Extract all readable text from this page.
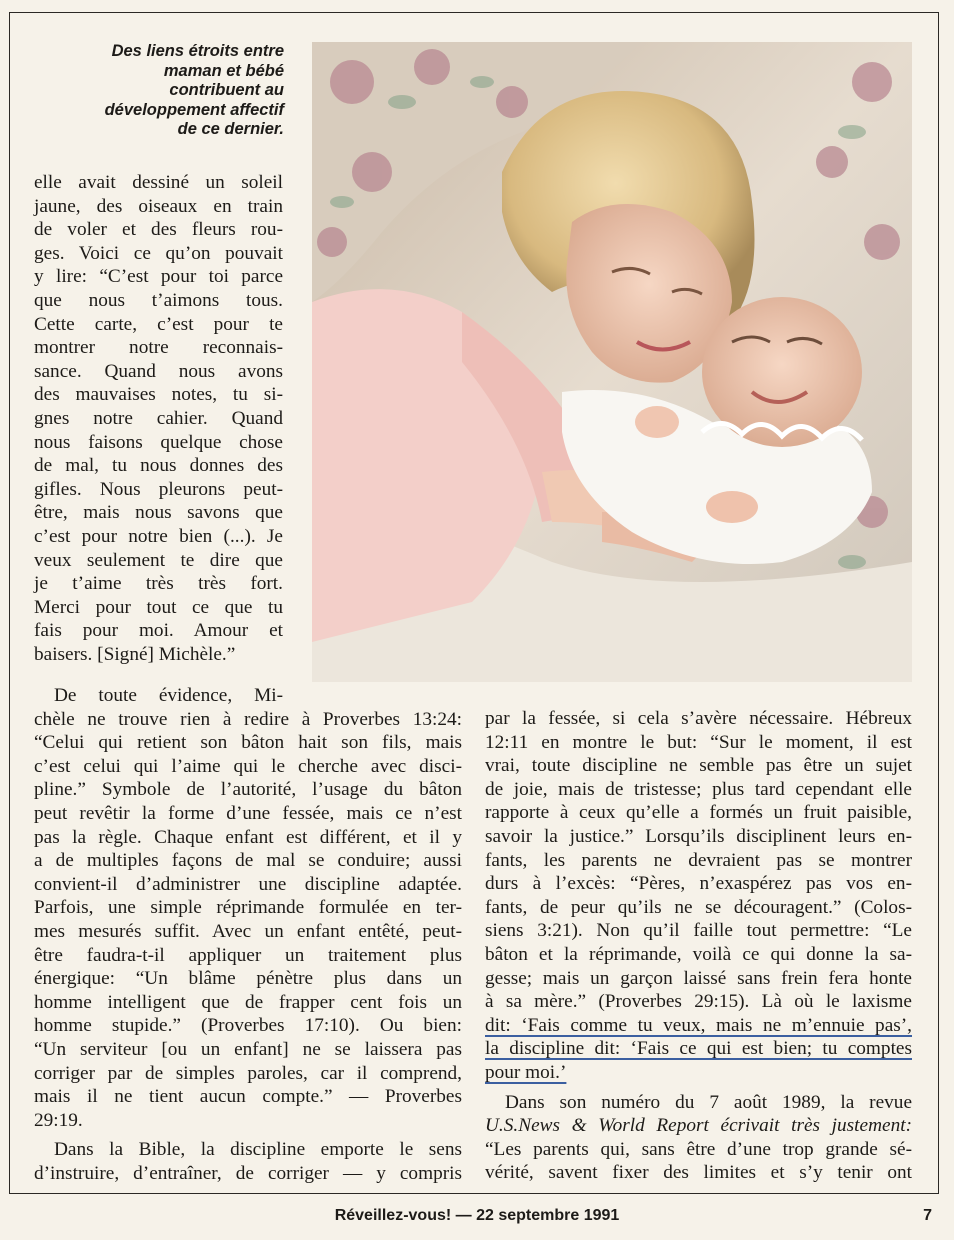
Des liens étroits entre
maman et bébé
contribuent au
développement affectif
de ce dernier.
elle avait dessiné un soleil
jaune, des oiseaux en train
de voler et des fleurs rou-
ges. Voici ce qu’on pouvait
y lire: “C’est pour toi parce
que nous t’aimons tous.
Cette carte, c’est pour te
montrer notre reconnais-
sance. Quand nous avons
des mauvaises notes, tu si-
gnes notre cahier. Quand
nous faisons quelque chose
de mal, tu nous donnes des
gifles. Nous pleurons peut-
être, mais nous savons que
c’est pour notre bien (...). Je
veux seulement te dire que
je t’aime très très fort.
Merci pour tout ce que tu
fais pour moi. Amour et
baisers. [Signé] Michèle.”
De toute évidence, Mi-
chèle ne trouve rien à redire à Proverbes 13:24:
“Celui qui retient son bâton hait son fils, mais
c’est celui qui l’aime qui le cherche avec disci-
pline.” Symbole de l’autorité, l’usage du bâton
peut revêtir la forme d’une fessée, mais ce n’est
pas la règle. Chaque enfant est différent, et il y
a de multiples façons de mal se conduire; aussi
convient-il d’administrer une discipline adaptée.
Parfois, une simple réprimande formulée en ter-
mes mesurés suffit. Avec un enfant entêté, peut-
être faudra-t-il appliquer un traitement plus
énergique: “Un blâme pénètre plus dans un
homme intelligent que de frapper cent fois un
homme stupide.” (Proverbes 17:10). Ou bien:
“Un serviteur [ou un enfant] ne se laissera pas
corriger par de simples paroles, car il comprend,
mais il ne tient aucun compte.” — Proverbes
29:19.
Dans la Bible, la discipline emporte le sens
d’instruire, d’entraîner, de corriger — y compris
par la fessée, si cela s’avère nécessaire. Hébreux
12:11 en montre le but: “Sur le moment, il est
vrai, toute discipline ne semble pas être un sujet
de joie, mais de tristesse; plus tard cependant elle
rapporte à ceux qu’elle a formés un fruit paisible,
savoir la justice.” Lorsqu’ils disciplinent leurs en-
fants, les parents ne devraient pas se montrer
durs à l’excès: “Pères, n’exaspérez pas vos en-
fants, de peur qu’ils ne se découragent.” (Colos-
siens 3:21). Non qu’il faille tout permettre: “Le
bâton et la réprimande, voilà ce qui donne la sa-
gesse; mais un garçon laissé sans frein fera honte
à sa mère.” (Proverbes 29:15). Là où le laxisme
dit: ‘Fais comme tu veux, mais ne m’ennuie pas’,
la discipline dit: ‘Fais ce qui est bien; tu comptes
pour moi.’
Dans son numéro du 7 août 1989, la revue
U.S.News & World Report écrivait très justement:
“Les parents qui, sans être d’une trop grande sé-
vérité, savent fixer des limites et s’y tenir ont
Réveillez-vous! — 22 septembre 1991	7
